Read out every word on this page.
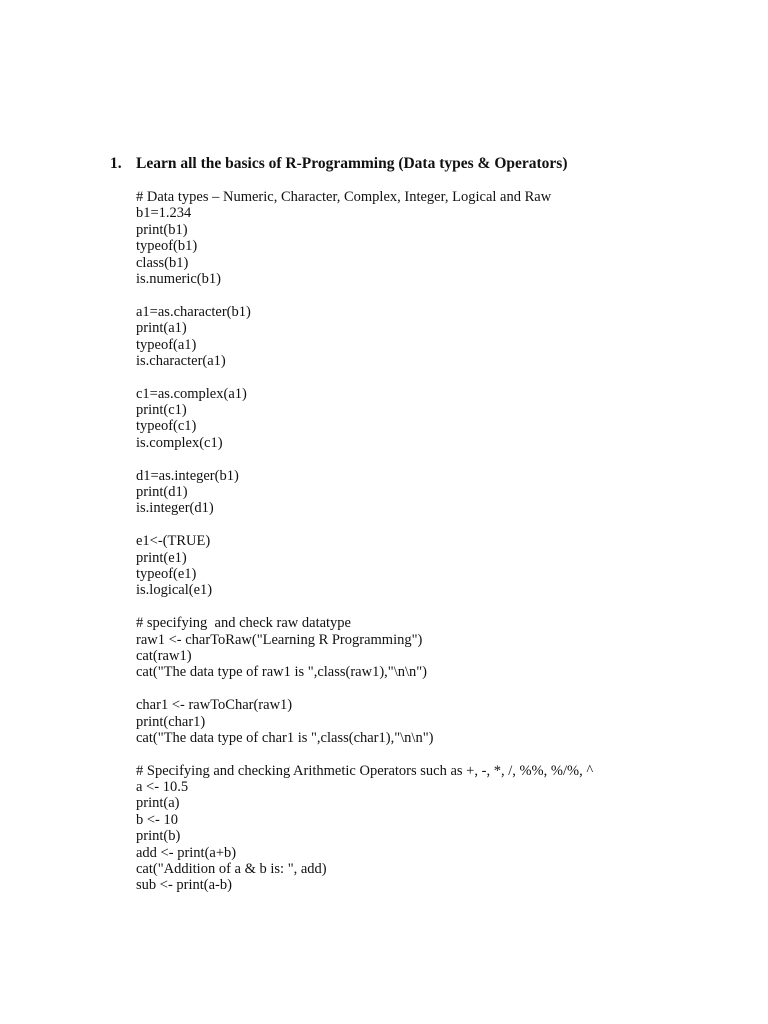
1. Learn all the basics of R-Programming (Data types & Operators)
# Data types – Numeric, Character, Complex, Integer, Logical and Raw
b1=1.234
print(b1)
typeof(b1)
class(b1)
is.numeric(b1)
a1=as.character(b1)
print(a1)
typeof(a1)
is.character(a1)
c1=as.complex(a1)
print(c1)
typeof(c1)
is.complex(c1)
d1=as.integer(b1)
print(d1)
is.integer(d1)
e1<-(TRUE)
print(e1)
typeof(e1)
is.logical(e1)
# specifying  and check raw datatype
raw1 <- charToRaw("Learning R Programming")
cat(raw1)
cat("The data type of raw1 is ",class(raw1),"\n\n")
char1 <- rawToChar(raw1)
print(char1)
cat("The data type of char1 is ",class(char1),"\n\n")
# Specifying and checking Arithmetic Operators such as +, -, *, /, %%, %/%, ^
a <- 10.5
print(a)
b <- 10
print(b)
add <- print(a+b)
cat("Addition of a & b is: ", add)
sub <- print(a-b)
